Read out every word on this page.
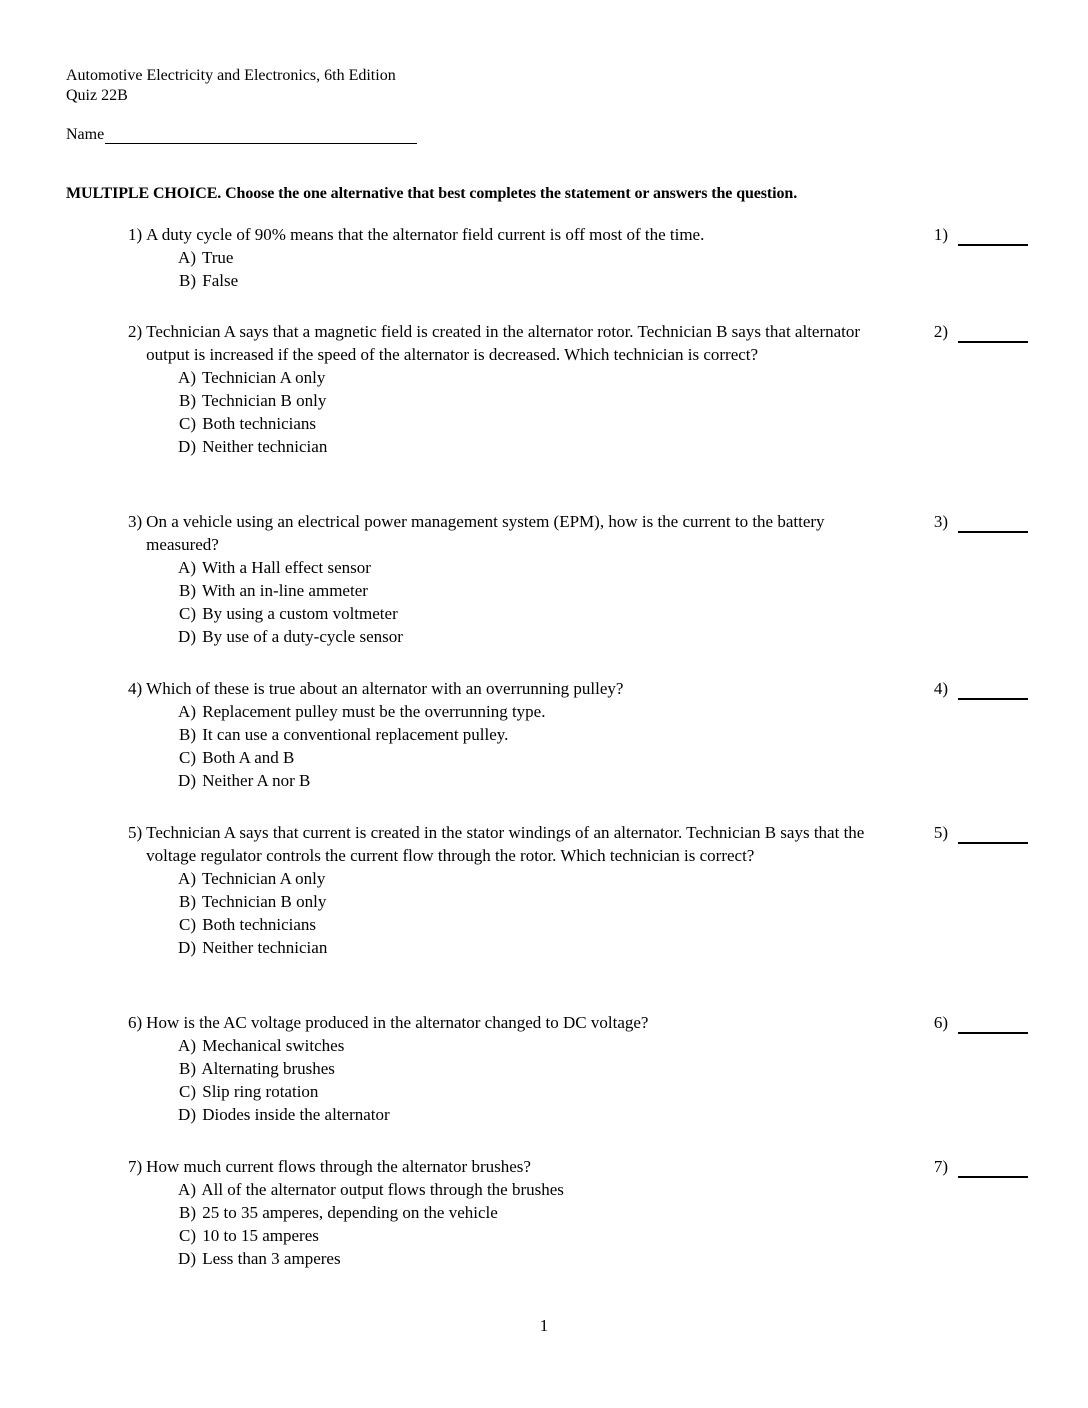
Automotive Electricity and Electronics, 6th Edition
Quiz 22B
Name
MULTIPLE CHOICE. Choose the one alternative that best completes the statement or answers the question.
1) A duty cycle of 90% means that the alternator field current is off most of the time.
A) True
B) False
1)
2) Technician A says that a magnetic field is created in the alternator rotor. Technician B says that alternator output is increased if the speed of the alternator is decreased. Which technician is correct?
A) Technician A only
B) Technician B only
C) Both technicians
D) Neither technician
2)
3) On a vehicle using an electrical power management system (EPM), how is the current to the battery measured?
A) With a Hall effect sensor
B) With an in-line ammeter
C) By using a custom voltmeter
D) By use of a duty-cycle sensor
3)
4) Which of these is true about an alternator with an overrunning pulley?
A) Replacement pulley must be the overrunning type.
B) It can use a conventional replacement pulley.
C) Both A and B
D) Neither A nor B
4)
5) Technician A says that current is created in the stator windings of an alternator. Technician B says that the voltage regulator controls the current flow through the rotor. Which technician is correct?
A) Technician A only
B) Technician B only
C) Both technicians
D) Neither technician
5)
6) How is the AC voltage produced in the alternator changed to DC voltage?
A) Mechanical switches
B) Alternating brushes
C) Slip ring rotation
D) Diodes inside the alternator
6)
7) How much current flows through the alternator brushes?
A) All of the alternator output flows through the brushes
B) 25 to 35 amperes, depending on the vehicle
C) 10 to 15 amperes
D) Less than 3 amperes
7)
1
